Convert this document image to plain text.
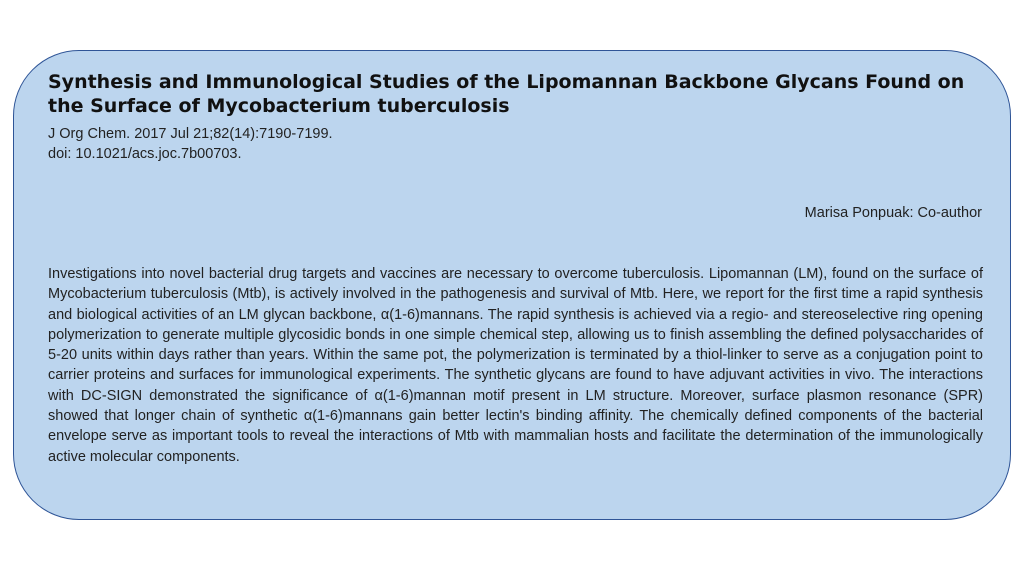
Synthesis and Immunological Studies of the Lipomannan Backbone Glycans Found on the Surface of Mycobacterium tuberculosis
J Org Chem. 2017 Jul 21;82(14):7190-7199.
doi: 10.1021/acs.joc.7b00703.
Marisa Ponpuak: Co-author

Investigations into novel bacterial drug targets and vaccines are necessary to overcome tuberculosis. Lipomannan (LM), found on the surface of Mycobacterium tuberculosis (Mtb), is actively involved in the pathogenesis and survival of Mtb. Here, we report for the first time a rapid synthesis and biological activities of an LM glycan backbone, α(1-6)mannans. The rapid synthesis is achieved via a regio- and stereoselective ring opening polymerization to generate multiple glycosidic bonds in one simple chemical step, allowing us to finish assembling the defined polysaccharides of 5-20 units within days rather than years. Within the same pot, the polymerization is terminated by a thiol-linker to serve as a conjugation point to carrier proteins and surfaces for immunological experiments. The synthetic glycans are found to have adjuvant activities in vivo. The interactions with DC-SIGN demonstrated the significance of α(1-6)mannan motif present in LM structure. Moreover, surface plasmon resonance (SPR) showed that longer chain of synthetic α(1-6)mannans gain better lectin's binding affinity. The chemically defined components of the bacterial envelope serve as important tools to reveal the interactions of Mtb with mammalian hosts and facilitate the determination of the immunologically active molecular components.
